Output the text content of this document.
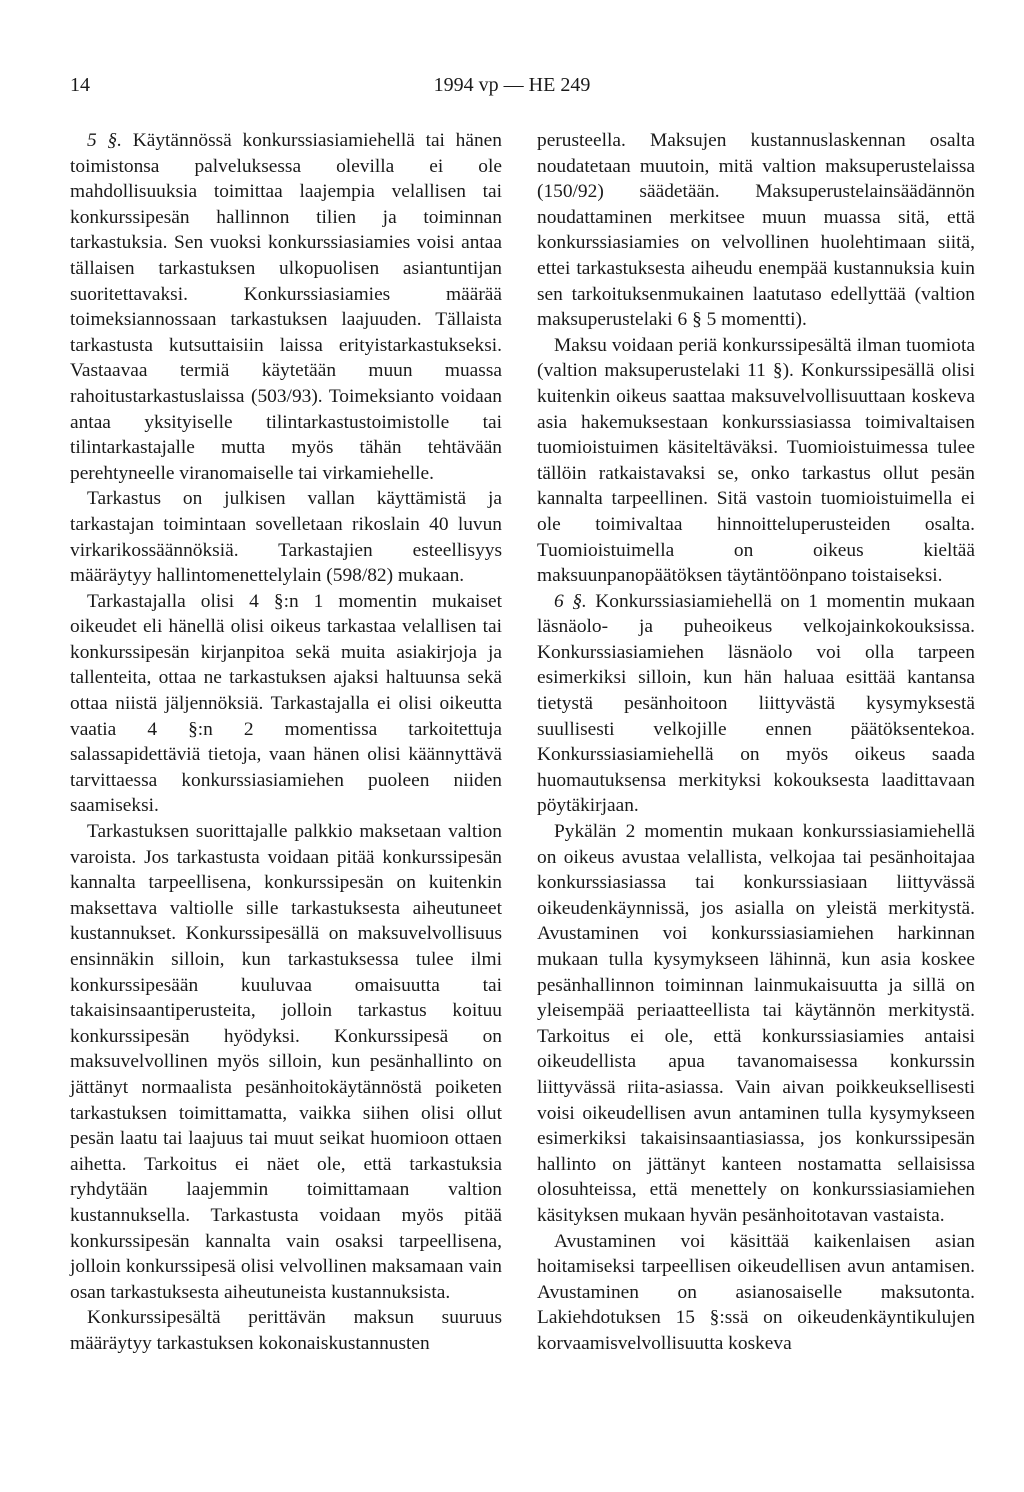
14	1994 vp — HE 249

5 §. Käytännössä konkurssiasiamiehellä tai hänen toimistonsa palveluksessa olevilla ei ole mahdollisuuksia toimittaa laajempia velallisen tai konkurssipesän hallinnon tilien ja toiminnan tarkastuksia. Sen vuoksi konkurssiasiamies voisi antaa tällaisen tarkastuksen ulkopuolisen asiantuntijan suoritettavaksi. Konkurssiasiamies määrää toimeksiannossaan tarkastuksen laajuuden. Tällaista tarkastusta kutsuttaisiin laissa erityistarkastukseksi. Vastaavaa termiä käytetään muun muassa rahoitustarkastuslaissa (503/93). Toimeksianto voidaan antaa yksityiselle tilintarkastustoimistolle tai tilintarkastajalle mutta myös tähän tehtävään perehtyneelle viranomaiselle tai virkamiehelle.

Tarkastus on julkisen vallan käyttämistä ja tarkastajan toimintaan sovelletaan rikoslain 40 luvun virkarikossäännöksiä. Tarkastajien esteellisyys määräytyy hallintomenettelylain (598/82) mukaan.

Tarkastajalla olisi 4 §:n 1 momentin mukaiset oikeudet eli hänellä olisi oikeus tarkastaa velallisen tai konkurssipesän kirjanpitoa sekä muita asiakirjoja ja tallenteita, ottaa ne tarkastuksen ajaksi haltuunsa sekä ottaa niistä jäljennöksiä. Tarkastajalla ei olisi oikeutta vaatia 4 §:n 2 momentissa tarkoitettuja salassapidettäviä tietoja, vaan hänen olisi käännyttävä tarvittaessa konkurssiasiamiehen puoleen niiden saamiseksi.

Tarkastuksen suorittajalle palkkio maksetaan valtion varoista. Jos tarkastusta voidaan pitää konkurssipesän kannalta tarpeellisena, konkurssipesän on kuitenkin maksettava valtiolle sille tarkastuksesta aiheutuneet kustannukset. Konkurssipesällä on maksuvelvollisuus ensinnäkin silloin, kun tarkastuksessa tulee ilmi konkurssipesään kuuluvaa omaisuutta tai takaisinsaantiperusteita, jolloin tarkastus koituu konkurssipesän hyödyksi. Konkurssipesä on maksuvelvollinen myös silloin, kun pesänhallinto on jättänyt normaalista pesänhoitokäytännöstä poiketen tarkastuksen toimittamatta, vaikka siihen olisi ollut pesän laatu tai laajuus tai muut seikat huomioon ottaen aihetta. Tarkoitus ei näet ole, että tarkastuksia ryhdytään laajemmin toimittamaan valtion kustannuksella. Tarkastusta voidaan myös pitää konkurssipesän kannalta vain osaksi tarpeellisena, jolloin konkurssipesä olisi velvollinen maksamaan vain osan tarkastuksesta aiheutuneista kustannuksista.

Konkurssipesältä perittävän maksun suuruus määräytyy tarkastuksen kokonaiskustannusten

perusteella. Maksujen kustannuslaskennan osalta noudatetaan muutoin, mitä valtion maksuperustelaissa (150/92) säädetään. Maksuperustelainsäädännön noudattaminen merkitsee muun muassa sitä, että konkurssiasiamies on velvollinen huolehtimaan siitä, ettei tarkastuksesta aiheudu enempää kustannuksia kuin sen tarkoituksenmukainen laatutaso edellyttää (valtion maksuperustelaki 6 § 5 momentti).

Maksu voidaan periä konkurssipesältä ilman tuomiota (valtion maksuperustelaki 11 §). Konkurssipesällä olisi kuitenkin oikeus saattaa maksuvelvollisuuttaan koskeva asia hakemuksestaan konkurssiasiassa toimivaltaisen tuomioistuimen käsiteltäväksi. Tuomioistuimessa tulee tällöin ratkaistavaksi se, onko tarkastus ollut pesän kannalta tarpeellinen. Sitä vastoin tuomioistuimella ei ole toimivaltaa hinnoitteluperusteiden osalta. Tuomioistuimella on oikeus kieltää maksuunpanopäätöksen täytäntöönpano toistaiseksi.

6 §. Konkurssiasiamiehellä on 1 momentin mukaan läsnäolo- ja puheoikeus velkojainkokouksissa. Konkurssiasiamiehen läsnäolo voi olla tarpeen esimerkiksi silloin, kun hän haluaa esittää kantansa tietystä pesänhoitoon liittyvästä kysymyksestä suullisesti velkojille ennen päätöksentekoa. Konkurssiasiamiehellä on myös oikeus saada huomautuksensa merkityksi kokouksesta laadittavaan pöytäkirjaan.

Pykälän 2 momentin mukaan konkurssiasiamiehellä on oikeus avustaa velallista, velkojaa tai pesänhoitajaa konkurssiasiassa tai konkurssiasiaan liittyvässä oikeudenkäynnissä, jos asialla on yleistä merkitystä. Avustaminen voi konkurssiasiamiehen harkinnan mukaan tulla kysymykseen lähinnä, kun asia koskee pesänhallinnon toiminnan lainmukaisuutta ja sillä on yleisempää periaatteellista tai käytännön merkitystä. Tarkoitus ei ole, että konkurssiasiamies antaisi oikeudellista apua tavanomaisessa konkurssin liittyvässä riita-asiassa. Vain aivan poikkeuksellisesti voisi oikeudellisen avun antaminen tulla kysymykseen esimerkiksi takaisinsaantiasiassa, jos konkurssipesän hallinto on jättänyt kanteen nostamatta sellaisissa olosuhteissa, että menettely on konkurssiasiamiehen käsityksen mukaan hyvän pesänhoitotavan vastaista.

Avustaminen voi käsittää kaikenlaisen asian hoitamiseksi tarpeellisen oikeudellisen avun antamisen. Avustaminen on asianosaiselle maksutonta. Lakiehdotuksen 15 §:ssä on oikeudenkäyntikulujen korvaamisvelvollisuutta koskeva
